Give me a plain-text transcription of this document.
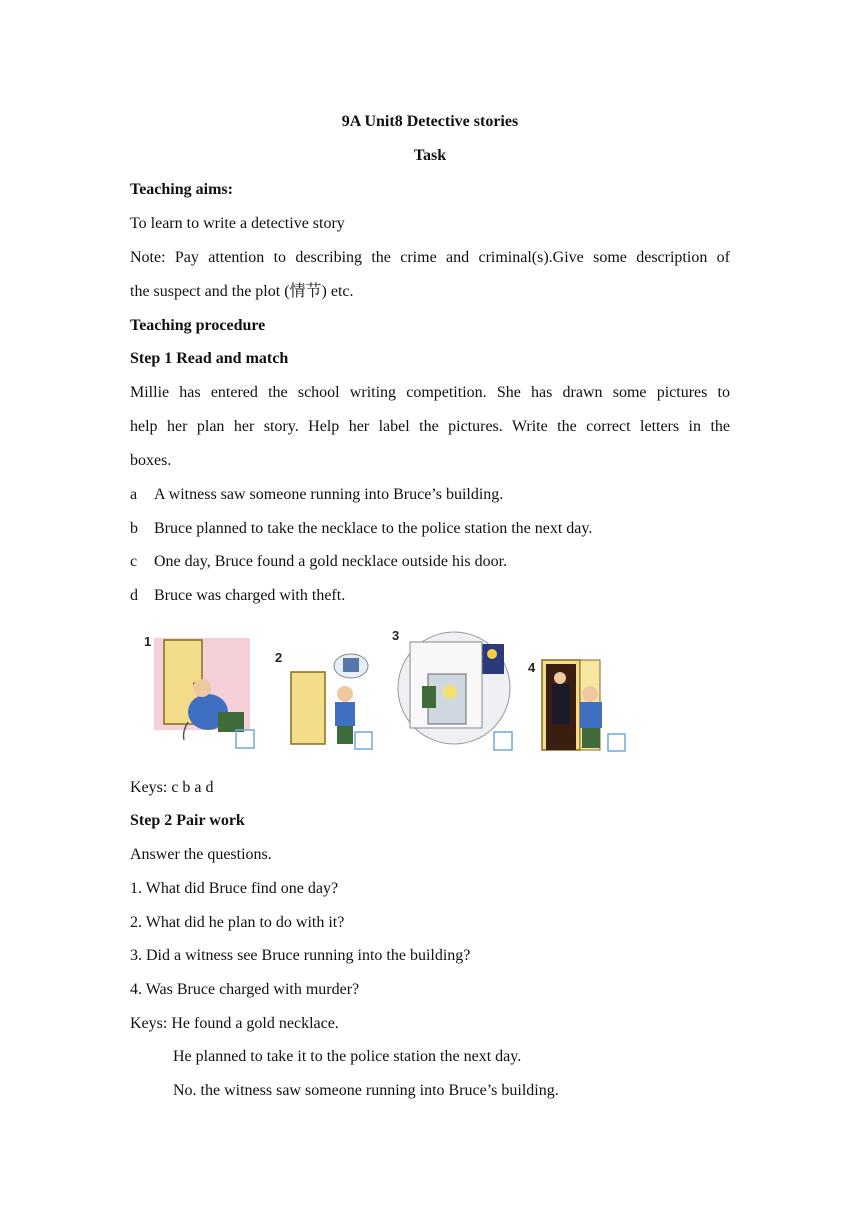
9A Unit8 Detective stories
Task
Teaching aims:
To learn to write a detective story
Note: Pay attention to describing the crime and criminal(s).Give some description of
the suspect and the plot (情节) etc.
Teaching procedure
Step 1 Read and match
Millie has entered the school writing competition. She has drawn some pictures to
help her plan her story. Help her label the pictures. Write the correct letters in the
boxes.
a A witness saw someone running into Bruce’s building.
b Bruce planned to take the necklace to the police station the next day.
c One day, Bruce found a gold necklace outside his door.
d Bruce was charged with theft.
1
2
3
4
Keys: c b a d
Step 2 Pair work
Answer the questions.
1. What did Bruce find one day?
2. What did he plan to do with it?
3. Did a witness see Bruce running into the building?
4. Was Bruce charged with murder?
Keys: He found a gold necklace.
He planned to take it to the police station the next day.
No. the witness saw someone running into Bruce’s building.
